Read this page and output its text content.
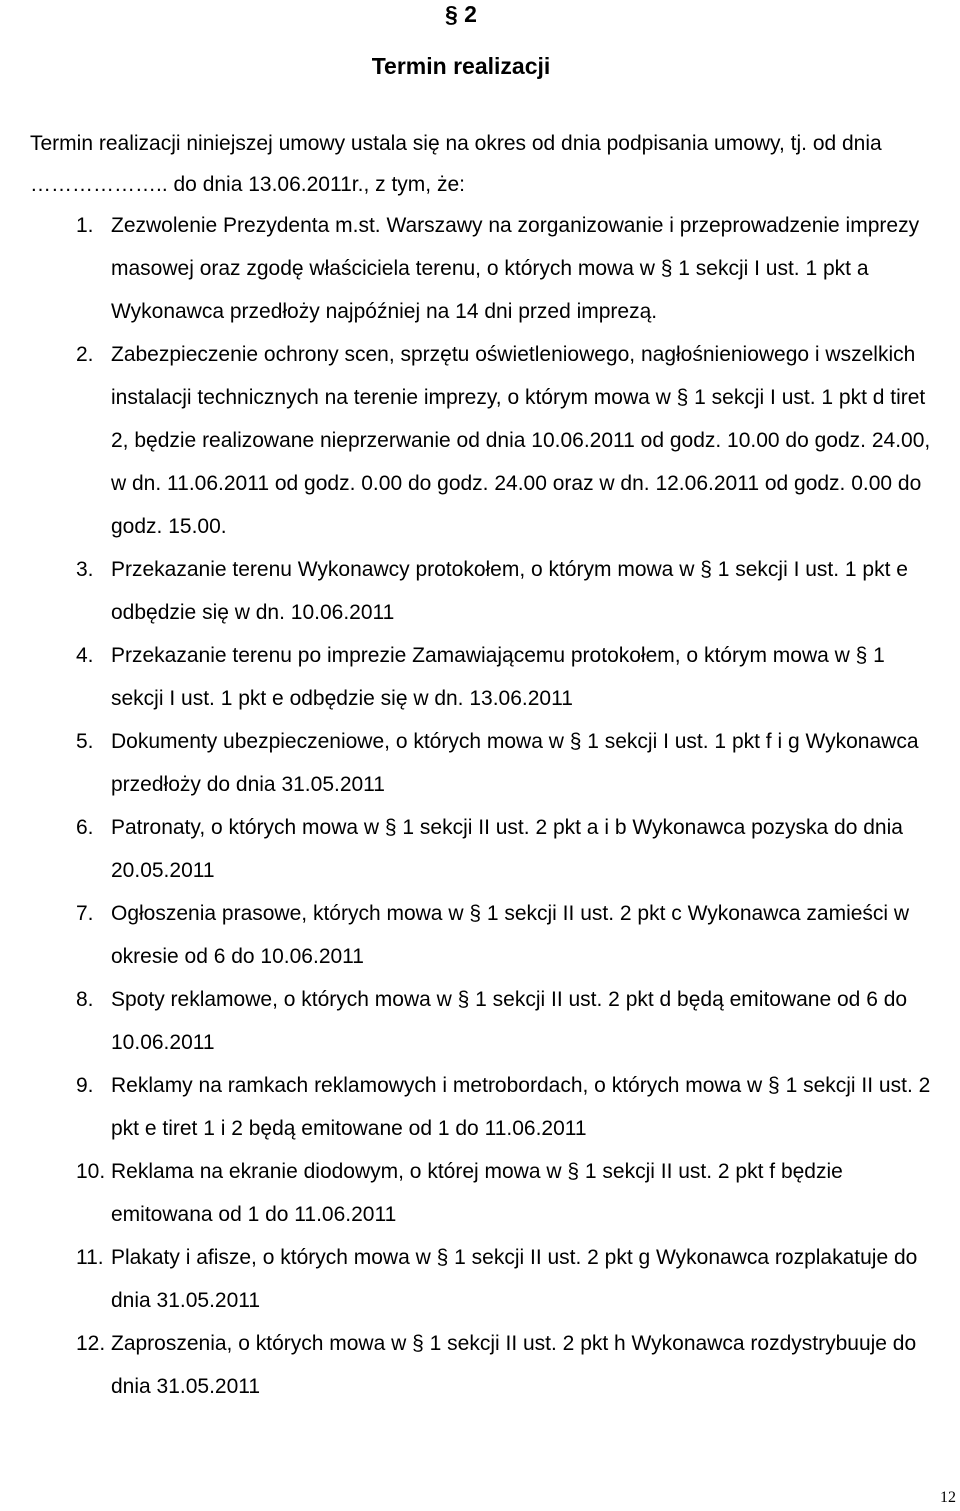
§ 2
Termin realizacji

Termin realizacji niniejszej umowy ustala się na okres od dnia podpisania umowy, tj. od dnia ……………….. do dnia 13.06.2011r., z tym, że:

1. Zezwolenie Prezydenta m.st. Warszawy na zorganizowanie i przeprowadzenie imprezy masowej oraz zgodę właściciela terenu, o których mowa w § 1 sekcji I ust. 1 pkt a Wykonawca przedłoży najpóźniej na 14 dni przed imprezą.
2. Zabezpieczenie ochrony scen, sprzętu oświetleniowego, nagłośnieniowego i wszelkich instalacji technicznych na terenie imprezy, o którym mowa w § 1 sekcji I ust. 1 pkt d tiret 2, będzie realizowane nieprzerwanie od dnia 10.06.2011 od godz. 10.00 do godz. 24.00, w dn. 11.06.2011 od godz. 0.00 do godz. 24.00 oraz w dn. 12.06.2011 od godz. 0.00 do godz. 15.00.
3. Przekazanie terenu Wykonawcy protokołem, o którym mowa w § 1 sekcji I ust. 1 pkt e odbędzie się w dn. 10.06.2011
4. Przekazanie terenu po imprezie Zamawiającemu protokołem, o którym mowa w § 1 sekcji I ust. 1 pkt e odbędzie się w dn. 13.06.2011
5. Dokumenty ubezpieczeniowe, o których mowa w § 1 sekcji I ust. 1 pkt f i g Wykonawca przedłoży do dnia 31.05.2011
6. Patronaty, o których mowa w § 1 sekcji II ust. 2 pkt a i b Wykonawca pozyska do dnia 20.05.2011
7. Ogłoszenia prasowe, których mowa w § 1 sekcji II ust. 2 pkt c Wykonawca zamieści w okresie od 6 do 10.06.2011
8. Spoty reklamowe, o których mowa w § 1 sekcji II ust. 2 pkt d będą emitowane od 6 do 10.06.2011
9. Reklamy na ramkach reklamowych i metrobordach, o których mowa w § 1 sekcji II ust. 2 pkt e tiret 1 i 2 będą emitowane od 1 do 11.06.2011
10. Reklama na ekranie diodowym, o której mowa w § 1 sekcji II ust. 2 pkt f będzie emitowana od 1 do 11.06.2011
11. Plakaty i afisze, o których mowa w § 1 sekcji II ust. 2 pkt g Wykonawca rozplakatuje do dnia 31.05.2011
12. Zaproszenia, o których mowa w § 1 sekcji II ust. 2 pkt h Wykonawca rozdystrybuuje do dnia 31.05.2011
12
